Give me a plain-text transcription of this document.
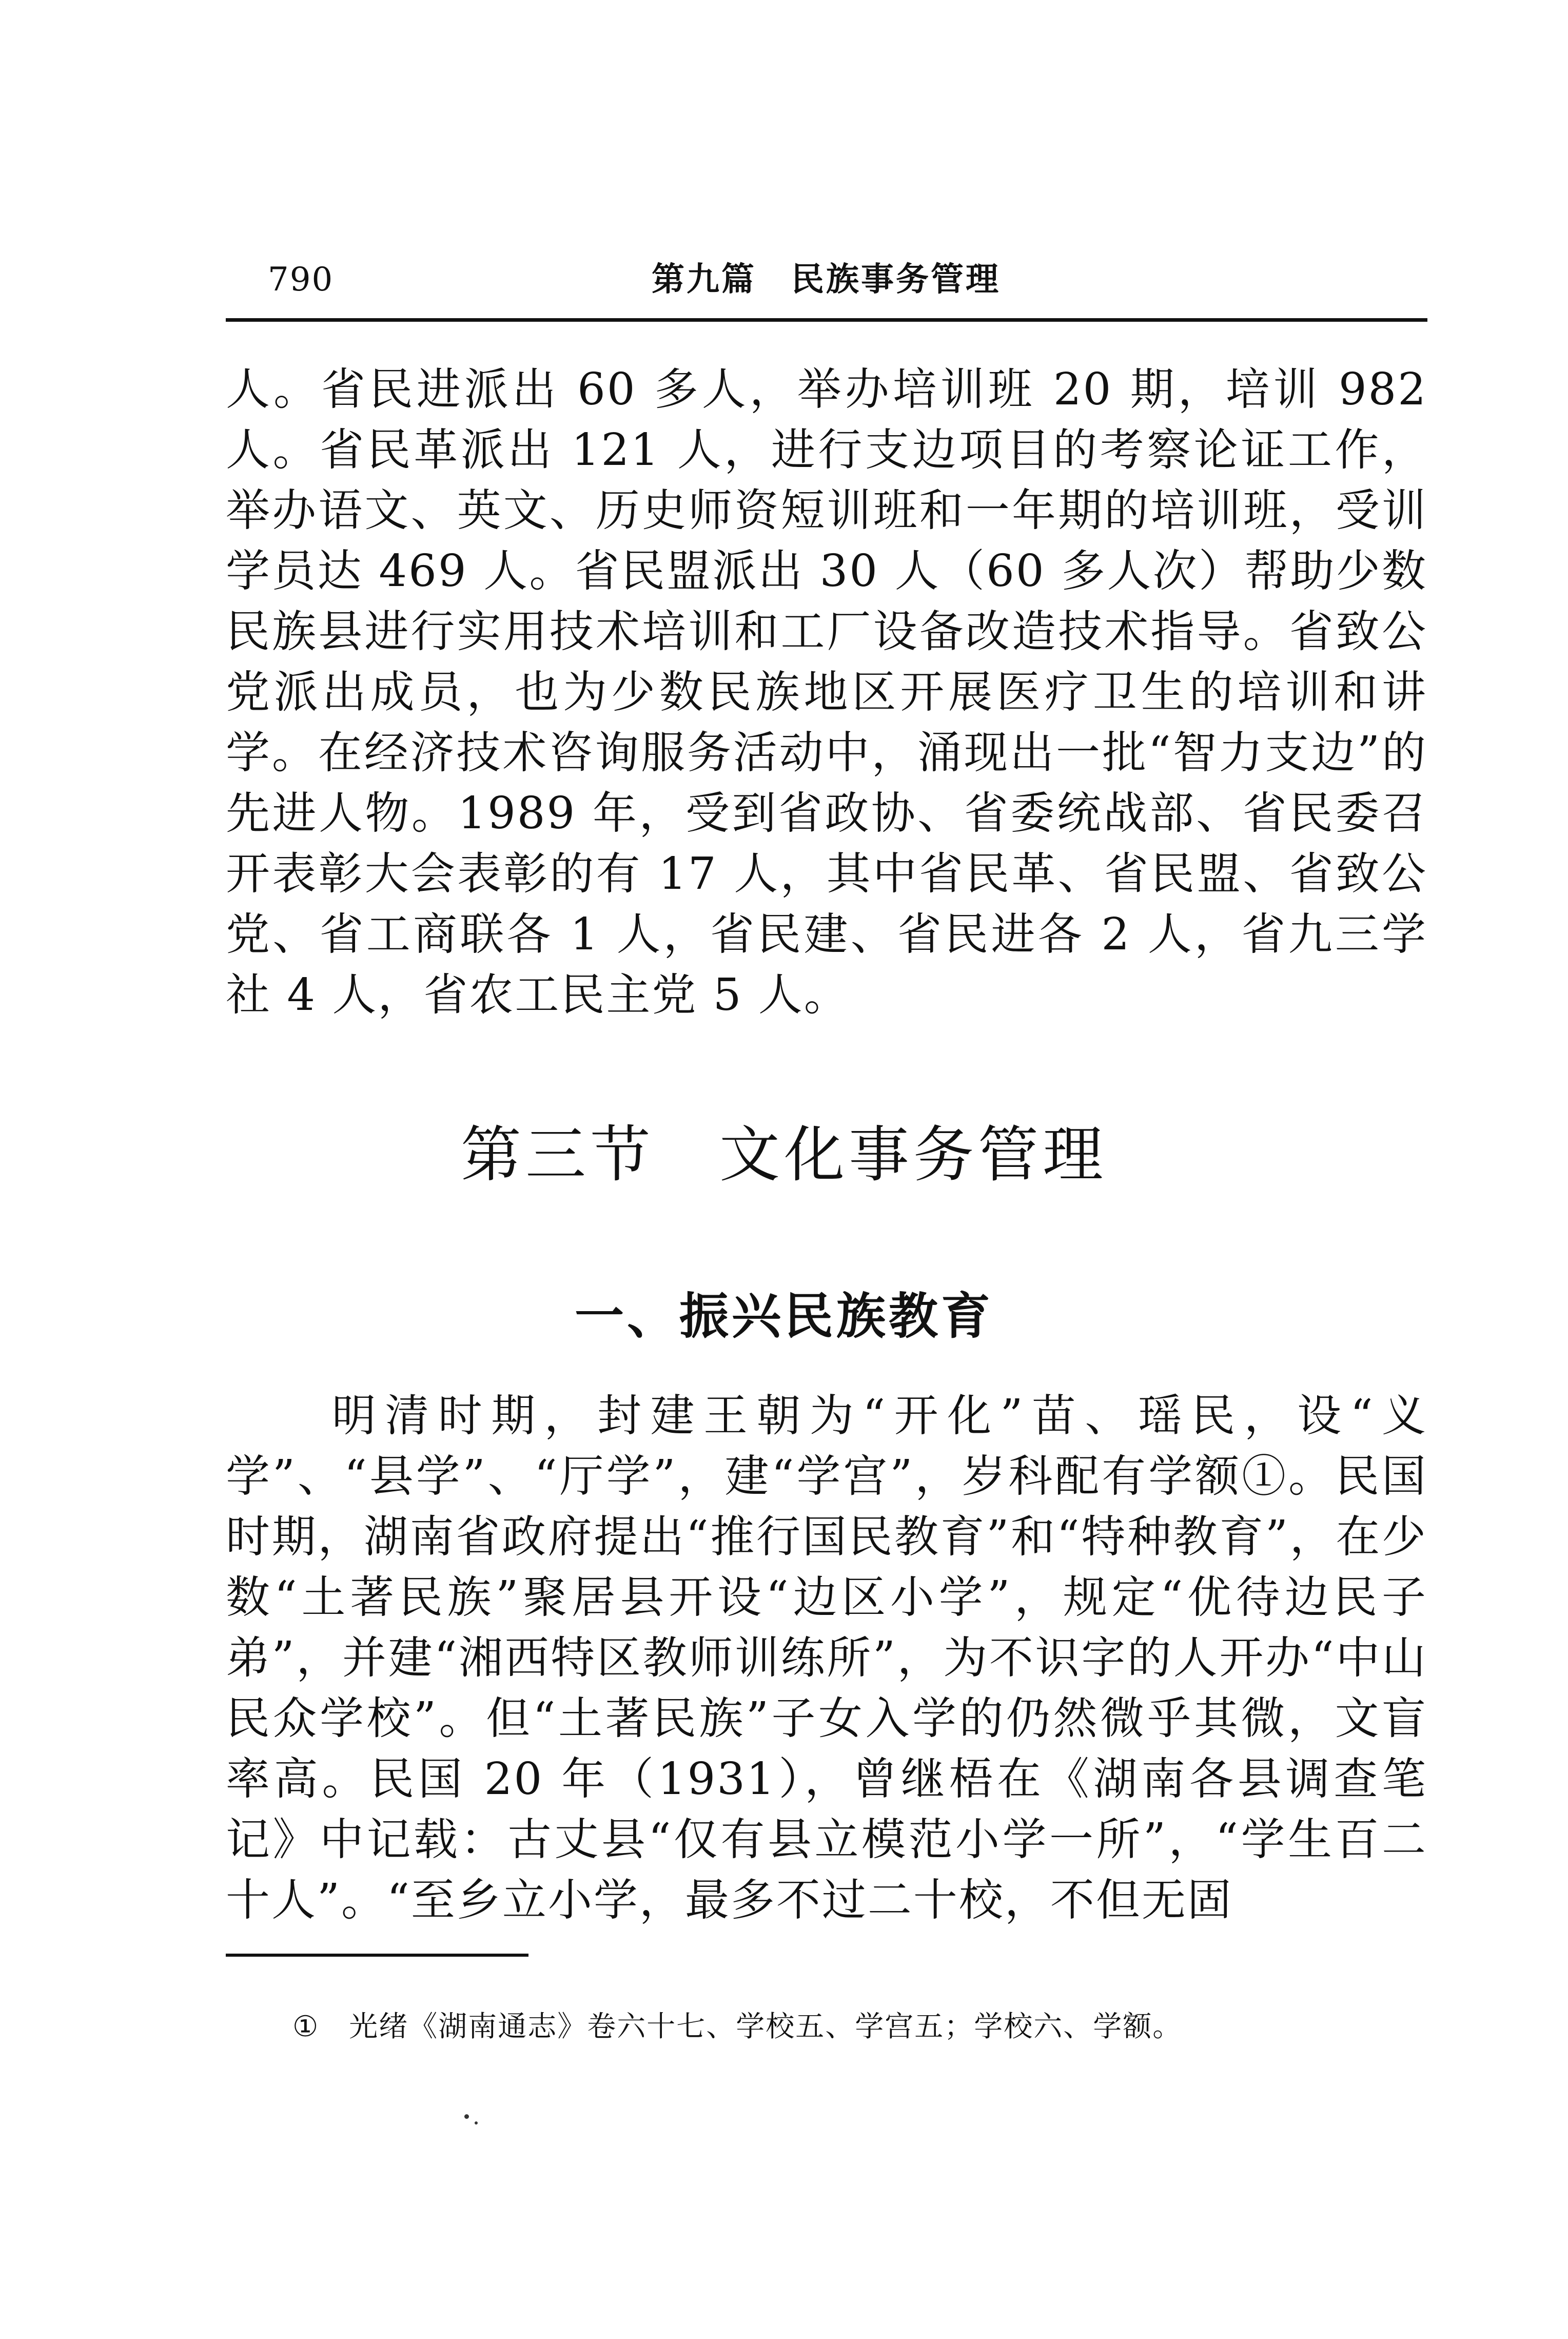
790	第九篇　民族事务管理
人。省民进派出 60 多人，举办培训班 20 期，培训 982 人。省民革派出 121 人，进行支边项目的考察论证工作，举办语文、英文、历史师资短训班和一年期的培训班，受训学员达 469 人。省民盟派出 30 人（60 多人次）帮助少数民族县进行实用技术培训和工厂设备改造技术指导。省致公党派出成员，也为少数民族地区开展医疗卫生的培训和讲学。在经济技术咨询服务活动中，涌现出一批“智力支边”的先进人物。1989 年，受到省政协、省委统战部、省民委召开表彰大会表彰的有 17 人，其中省民革、省民盟、省致公党、省工商联各 1 人，省民建、省民进各 2 人，省九三学社 4 人，省农工民主党 5 人。
第三节　文化事务管理
一、振兴民族教育
　　明清时期，封建王朝为“开化”苗、瑶民，设“义学”、“县学”、“厅学”，建“学宫”，岁科配有学额①。民国时期，湖南省政府提出“推行国民教育”和“特种教育”，在少数“土著民族”聚居县开设“边区小学”，规定“优待边民子弟”，并建“湘西特区教师训练所”，为不识字的人开办“中山民众学校”。但“土著民族”子女入学的仍然微乎其微，文盲率高。民国 20 年（1931），曾继梧在《湖南各县调查笔记》中记载：古丈县“仅有县立模范小学一所”，“学生百二十人”。“至乡立小学，最多不过二十校，不但无固
①　光绪《湖南通志》卷六十七、学校五、学宫五；学校六、学额。
